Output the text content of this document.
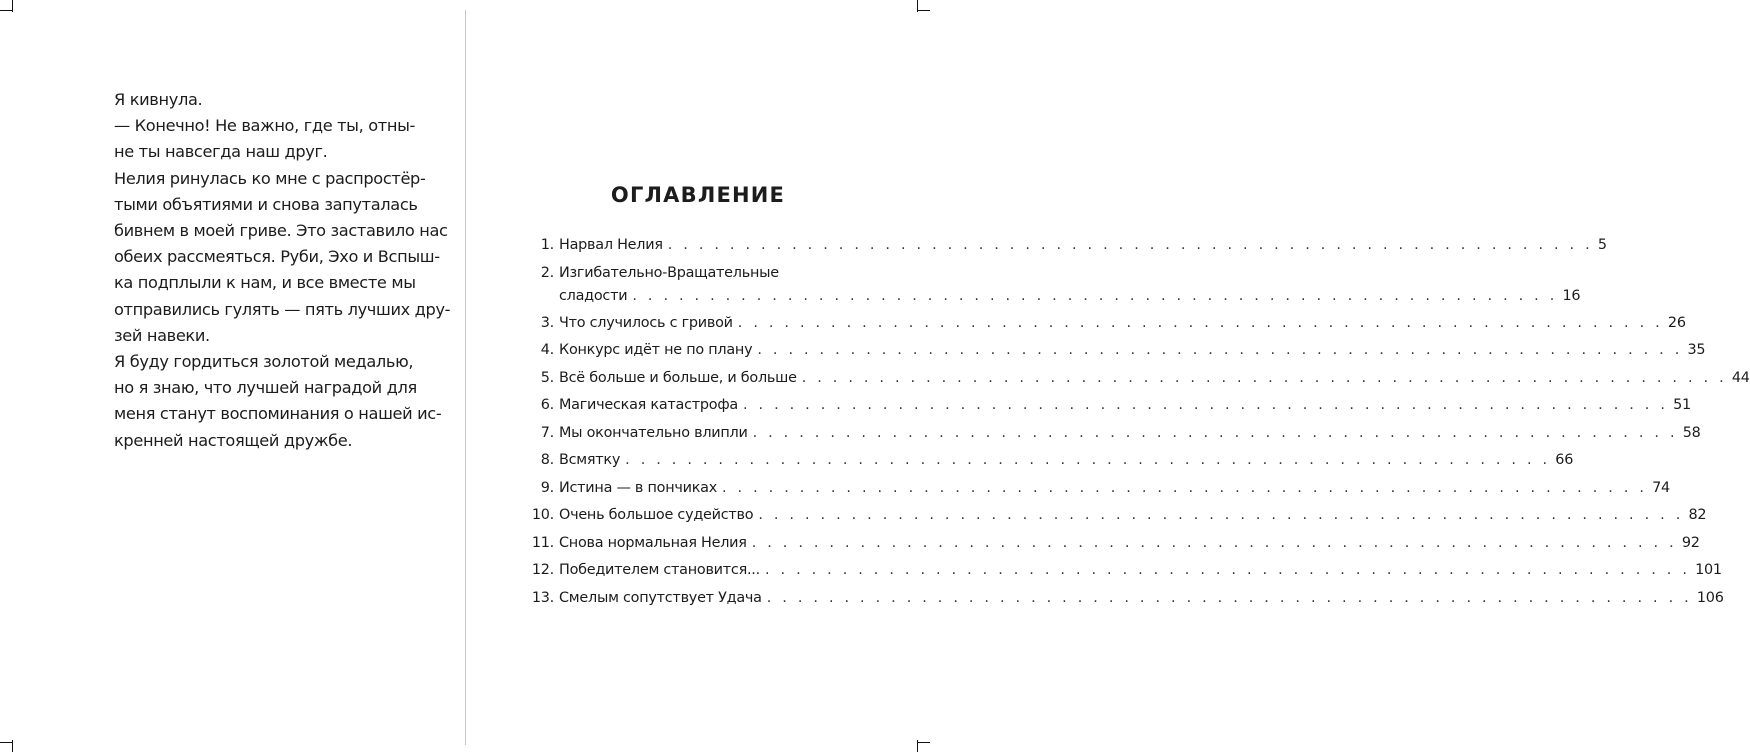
Я кивнула.

— Конечно! Не важно, где ты, отны-
не ты навсегда наш друг.

Нелия ринулась ко мне с распростёр-
тыми объятиями и снова запуталась
бивнем в моей гриве. Это заставило нас
обеих рассмеяться. Руби, Эхо и Вспыш-
ка подплыли к нам, и все вместе мы
отправились гулять — пять лучших дру-
зей навеки.

Я буду гордиться золотой медалью,
но я знаю, что лучшей наградой для
меня станут воспоминания о нашей ис-
кренней настоящей дружбе.

ОГЛАВЛЕНИЕ
1. Нарвал Нелия . . . . . . . . . . . . . . . . . . . . . . . . . . . . . . . . . . . . . . . . . . . . . . . . . . . . . . . . . . . . 5
2. Изгибательно-Вращательные
сладости . . . . . . . . . . . . . . . . . . . . . . . . . . . . . . . . . . . . . . . . . . . . . . . . . . . . . . . . . . . . 16
3. Что случилось с гривой . . . . . . . . . . . . . . . . . . . . . . . . . . . . . . . . . . . . . . . . . . . . . . . . . . . . . . . . . . . . 26
4. Конкурс идёт не по плану . . . . . . . . . . . . . . . . . . . . . . . . . . . . . . . . . . . . . . . . . . . . . . . . . . . . . . . . . . . . 35
5. Всё больше и больше, и больше . . . . . . . . . . . . . . . . . . . . . . . . . . . . . . . . . . . . . . . . . . . . . . . . . . . . . . . . . . . . 44
6. Магическая катастрофа . . . . . . . . . . . . . . . . . . . . . . . . . . . . . . . . . . . . . . . . . . . . . . . . . . . . . . . . . . . . 51
7. Мы окончательно влипли . . . . . . . . . . . . . . . . . . . . . . . . . . . . . . . . . . . . . . . . . . . . . . . . . . . . . . . . . . . . 58
8. Всмятку . . . . . . . . . . . . . . . . . . . . . . . . . . . . . . . . . . . . . . . . . . . . . . . . . . . . . . . . . . . . 66
9. Истина — в пончиках . . . . . . . . . . . . . . . . . . . . . . . . . . . . . . . . . . . . . . . . . . . . . . . . . . . . . . . . . . . . 74
10. Очень большое судейство . . . . . . . . . . . . . . . . . . . . . . . . . . . . . . . . . . . . . . . . . . . . . . . . . . . . . . . . . . . . 82
11. Снова нормальная Нелия . . . . . . . . . . . . . . . . . . . . . . . . . . . . . . . . . . . . . . . . . . . . . . . . . . . . . . . . . . . . 92
12. Победителем становится... . . . . . . . . . . . . . . . . . . . . . . . . . . . . . . . . . . . . . . . . . . . . . . . . . . . . . . . . . . . . 101
13. Смелым сопутствует Удача . . . . . . . . . . . . . . . . . . . . . . . . . . . . . . . . . . . . . . . . . . . . . . . . . . . . . . . . . . . . 106
